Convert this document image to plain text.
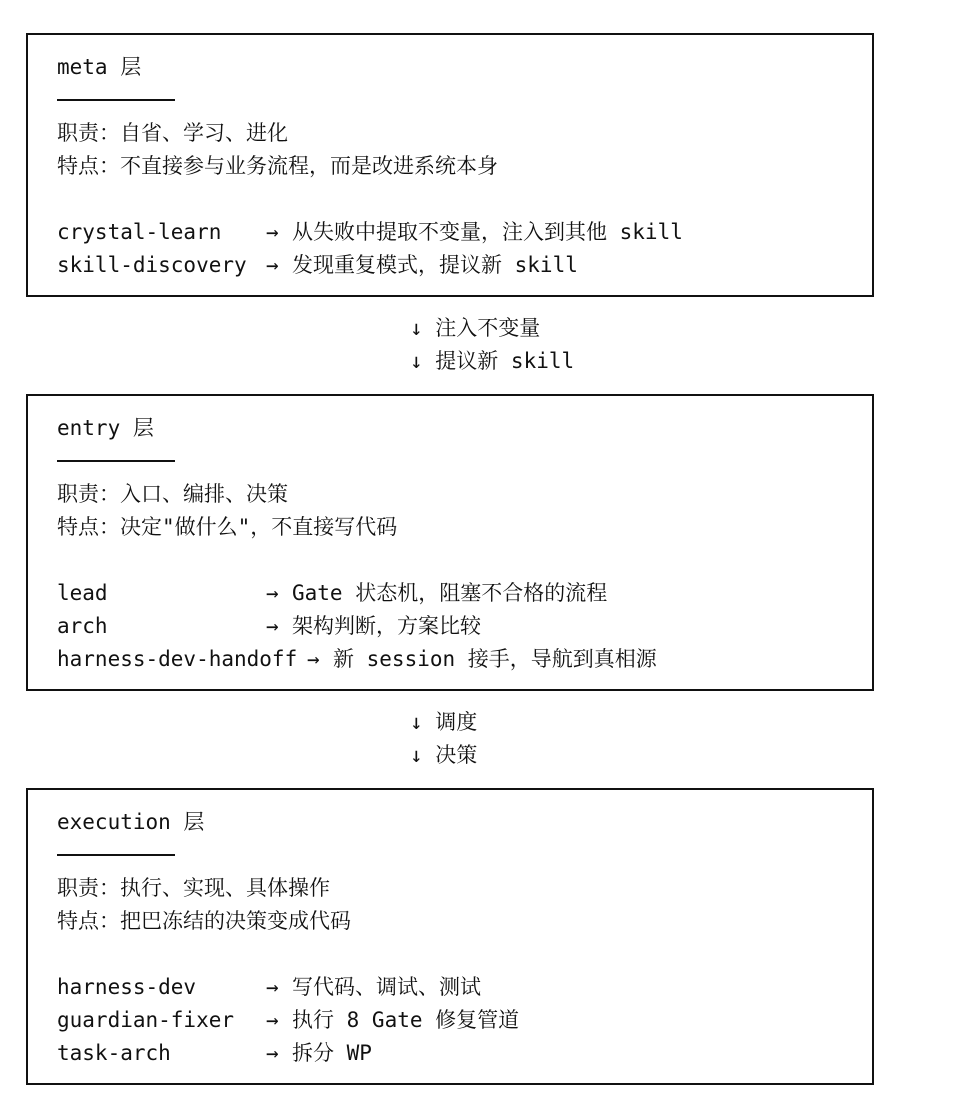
meta 层
职责：自省、学习、进化
特点：不直接参与业务流程，而是改进系统本身
crystal-learn	→ 从失败中提取不变量，注入到其他 skill
skill-discovery → 发现重复模式，提议新 skill
↓ 注入不变量
↓ 提议新 skill
entry 层
职责：入口、编排、决策
特点：决定"做什么"，不直接写代码
lead	→ Gate 状态机，阻塞不合格的流程
arch	→ 架构判断，方案比较
harness-dev-handoff → 新 session 接手，导航到真相源
↓ 调度
↓ 决策
execution 层
职责：执行、实现、具体操作
特点：把巴冻结的决策变成代码
harness-dev	→ 写代码、调试、测试
guardian-fixer	→ 执行 8 Gate 修复管道
task-arch	→ 拆分 WP
